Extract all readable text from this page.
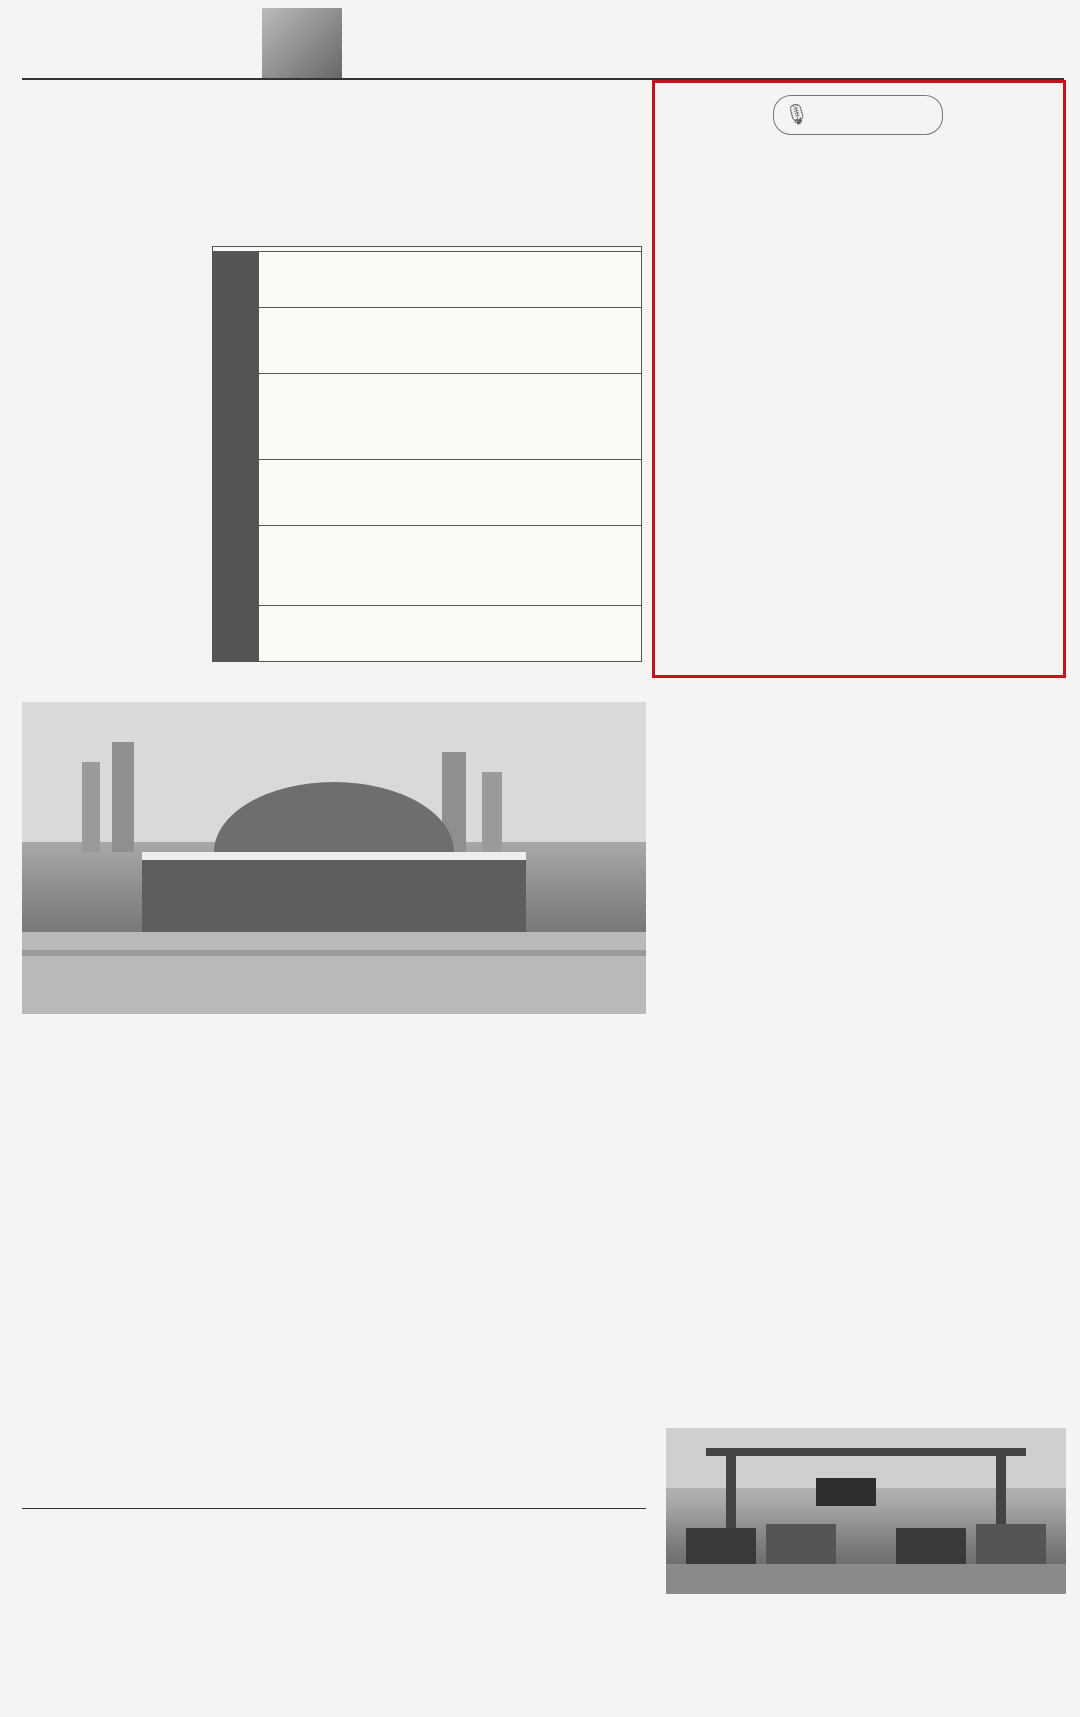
🎙
